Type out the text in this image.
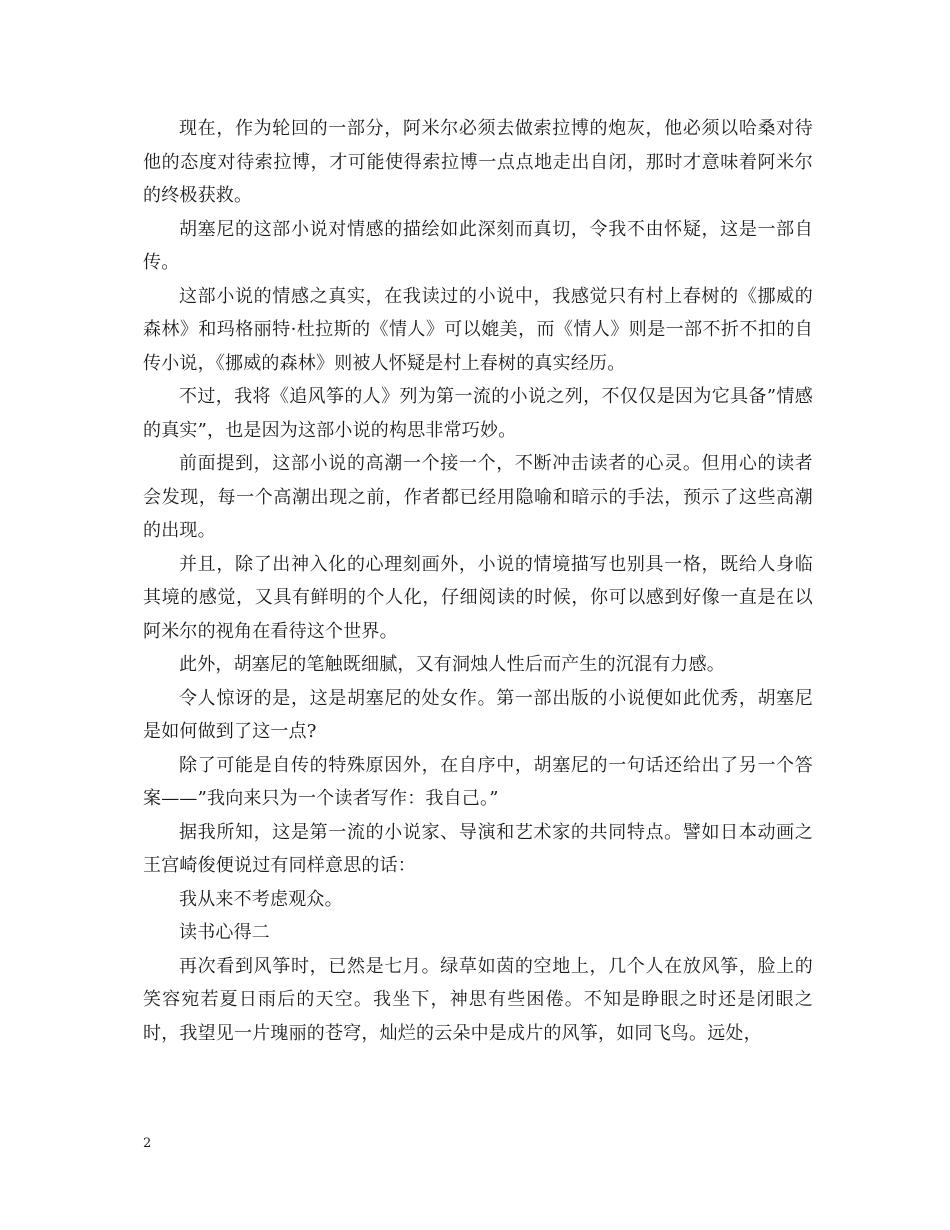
现在，作为轮回的一部分，阿米尔必须去做索拉博的炮灰，他必须以哈桑对待他的态度对待索拉博，才可能使得索拉博一点点地走出自闭，那时才意味着阿米尔的终极获救。

胡塞尼的这部小说对情感的描绘如此深刻而真切，令我不由怀疑，这是一部自传。

这部小说的情感之真实，在我读过的小说中，我感觉只有村上春树的《挪威的森林》和玛格丽特·杜拉斯的《情人》可以媲美，而《情人》则是一部不折不扣的自传小说，《挪威的森林》则被人怀疑是村上春树的真实经历。

不过，我将《追风筝的人》列为第一流的小说之列，不仅仅是因为它具备”情感的真实”，也是因为这部小说的构思非常巧妙。

前面提到，这部小说的高潮一个接一个，不断冲击读者的心灵。但用心的读者会发现，每一个高潮出现之前，作者都已经用隐喻和暗示的手法，预示了这些高潮的出现。

并且，除了出神入化的心理刻画外，小说的情境描写也别具一格，既给人身临其境的感觉，又具有鲜明的个人化，仔细阅读的时候，你可以感到好像一直是在以阿米尔的视角在看待这个世界。

此外，胡塞尼的笔触既细腻，又有洞烛人性后而产生的沉混有力感。

令人惊讶的是，这是胡塞尼的处女作。第一部出版的小说便如此优秀，胡塞尼是如何做到了这一点?

除了可能是自传的特殊原因外，在自序中，胡塞尼的一句话还给出了另一个答案——”我向来只为一个读者写作：我自己。”

据我所知，这是第一流的小说家、导演和艺术家的共同特点。譬如日本动画之王宫崎俊便说过有同样意思的话：

我从来不考虑观众。

读书心得二

再次看到风筝时，已然是七月。绿草如茵的空地上，几个人在放风筝，脸上的笑容宛若夏日雨后的天空。我坐下，神思有些困倦。不知是睁眼之时还是闭眼之时，我望见一片瑰丽的苍穹，灿烂的云朵中是成片的风筝，如同飞鸟。远处，

2
